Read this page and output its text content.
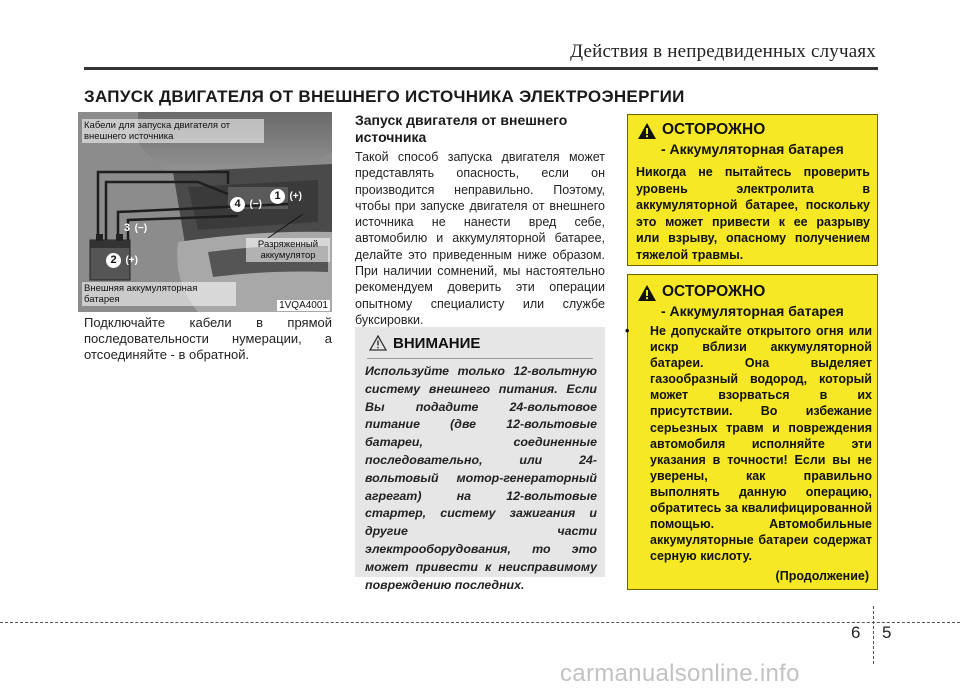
Действия в непредвиденных случаях
ЗАПУСК ДВИГАТЕЛЯ ОТ ВНЕШНЕГО ИСТОЧНИКА ЭЛЕКТРОЭНЕРГИИ
1 (+)
4 (−)
3 (−)
2 (+)
Кабели для запуска двигателя от внешнего источника
Разряженный аккумулятор
Внешняя аккумуляторная батарея
1VQA4001
Подключайте кабели в прямой последовательности нумерации, а отсоединяйте - в обратной.
Запуск двигателя от внешнего источника
Такой способ запуска двигателя может представлять опасность, если он производится неправильно. Поэтому, чтобы при запуске двигателя от внешнего источника не нанести вред себе, автомобилю и аккумуляторной батарее, делайте это приведенным ниже образом. При наличии сомнений, мы настоятельно рекомендуем доверить эти операции опытному специалисту или службе буксировки.
ВНИМАНИЕ
Используйте только 12-вольтную систему внешнего питания. Если Вы подадите 24-вольтовое питание (две 12-вольтовые батареи, соединенные последовательно, или 24-вольтовый мотор-генераторный агрегат) на 12-вольтовые стартер, систему зажигания и другие части электрооборудования, то это может привести к неисправимому повреждению последних.
ОСТОРОЖНО
- Аккумуляторная батарея
Никогда не пытайтесь проверить уровень электролита в аккумуляторной батарее, поскольку это может привести к ее разрыву или взрыву, опасному получением тяжелой травмы.
ОСТОРОЖНО
- Аккумуляторная батарея
• Не допускайте открытого огня или искр вблизи аккумуляторной батареи. Она выделяет газообразный водород, который может взорваться в их присутствии. Во избежание серьезных травм и повреждения автомобиля исполняйте эти указания в точности! Если вы не уверены, как правильно выполнять данную операцию, обратитесь за квалифицированной помощью. Автомобильные аккумуляторные батареи содержат серную кислоту.
(Продолжение)
6 5
carmanualsonline.info
